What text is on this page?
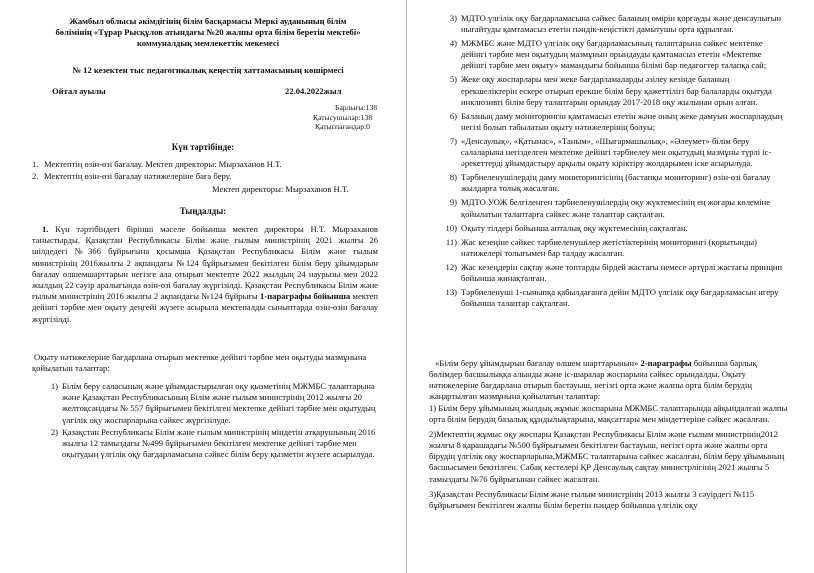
Жамбыл облысы әкімдігінің білім басқармасы Меркі ауданының білім
бөлімінің «Тұрар Рысқұлов атындағы №20 жалпы орта білім беретін мектебі»
коммуналдық мемлекеттік мекемесі
№ 12 кезектен тыс педагогикалық кеңестің хаттамасының көшірмесі
Ойтал ауылы	22.04.2022жыл
Барлығы:138
Қатысушылар:138
Қатыспағандар:0
Күн тәртібінде:
1. Мектептің өзін-өзі бағалау. Мектеп директоры: Мырзаханов Н.Т.
2. Мектептің өзін-өзі бағалау нәтижелеріне баға беру.
Мектеп директоры: Мырзаханов Н.Т.
Тыңдалды:

1. Күн тәртібіндегі бірінші мәселе бойынша мектеп директоры Н.Т. Мырзаханов таныстырды. Қазақстан Республикасы Білім және ғылым министрінің 2021 жылғы 26 шілдедегі №366 бұйрығына қосымша Қазақстан Республикасы Білім және ғылым министрінің 2016жылғы 2 ақпандағы №124 бұйрығымен бекітілген білім беру ұйымдарын бағалау өлшемшарттарын негізге ала отырып мектепте 2022 жылдың 24 наурызы мен 2022 жылдың 22 сәуір аралығында өзін-өзі бағалау жүргізілді. Қазақстан Республикасы Білім және ғылым министрінің 2016 жылғы 2 ақпандағы №124 бұйрығы 1-параграфы бойынша мектеп дейінгі тәрбие мен оқыту деңгейі жүзеге асырыла мектепалды сыныптарда өзін-өзін бағалау жүргізілді.

Оқыту нәтижелеріне бағдарлана отырып мектепке дейінгі тәрбие мен оқытуды мазмұнына қойылатын талаптар:

1) Білім беру саласының және ұйымдастырылған оқу қызметінің МЖМБС талаптарына және Қазақстан Республикасының Білім және ғылым министрінің 2012 жылғы 20 желтоқсандағы № 557 бұйрығымен бекітілген мектепке дейінгі тәрбие мен оқытудың үлгілік оқу жоспарларына сәйкес жүргізілуде.
2) Қазақстан Республикасы Білім және ғылым министрінің міндетін атқарушының 2016 жылғы 12 тамыздағы №499 бұйрығымен бекітілген мектепке дейінгі тәрбие мен оқытудың үлгілік оқу бағдарламасына сәйкес білім беру қызметін жүзеге асырылуда.
3) МДТО үлгілік оқу бағдарламасына сәйкес баланың өмірін қорғауды және денсаулығын нығайтуды қамтамасыз ететін пәндік-кеңістікті дамытушы орта құрылған.
4) МЖМБС және МДТО үлгілік оқу бағдарламасының талаптарына сәйкес мектепке дейінгі тәрбие мен оқытудың мазмұнын орындауды қамтамасыз ететін «Мектепке дейінгі тәрбие мен оқыту» мамандығы бойынша білімі бар педагогтер талапқа сай;
5) Жеке оқу жоспарлары мен жеке бағдарламаларды әзілеу кезінде баланың ерекшеліктерін ескере отырып ерекше білім беру қажеттілігі бар балаларды оқытуда инклюзивті білім беру талаптарын орындау 2017-2018 оқу жылынан орын алған.
6) Баланың даму мониторингін қамтамасыз ететін және оның жеке дамуын жоспарлаудың негізі болып табылатын оқыту нәтижелерінің болуы;
7) «Денсаулық», «Қатынас», «Таным», «Шығармашылық», «Әлеумет» білім беру салаларына негізделген мектепке дейінгі тәрбиелеу мен оқытудың мазмұны түрлі іс-әрекеттерді ұйымдастыру арқылы оқыту кіріктіру жолдарымен іске асырылуда.
8) Тәрбиеленушілердің даму мониторингісінің (бастапқы мониторинг) өзін-өзі бағалау жылдарға толық жасалған.
9) МДТО УОЖ белгіленген тәрбиеленушілердің оқу жүктемесінің ең жоғары көлеміне қойылатын талаптарға сәйкес және талаптар сақталған.
10) Оқыту тілдері бойынша апталық оқу жүктемесінің сақталған.
11) Жас кезеңіне сәйкес тәрбиеленушілер жетістіктерінің мониторингі (қорытынды) нәтижелері толығымен бар талдау жасалған.
12) Жас кезеңдерін сақтау және топтарды бірдей жастағы немесе әртүрлі жастағы принцип бойынша жинақталған.
13) Тәрбиеленуші 1-сыныпқа қабылдағанға дейін МДТО үлгілік оқу бағдарламасын игеру бойынша талаптар сақталған.

«Білім беру ұйымдырын бағалау өлшем шарттарынын» 2-параграфы бойынша барлық бөлімдер басшылыққа алынды және іс-шаралар жоспарына сәйкес орындалды. Оқыту нәтижелеріне бағдарлана отырып бастауыш, негізгі орта және жалпы орта білім берудің жаңартылған мазмұнына қойылатын талаптар:

1) Білім беру ұйымының жылдық жұмыс жоспарына МЖМБС талаптарында айқындалған жалпы орта білім берудің базалық құндылықтарына, мақсаттары мен міндеттеріне сәйкес жасалған.

2)Мектептің жұмыс оқу жоспары Қазақстан Республикасы Білім және ғылым министрінің2012 жылғы 8 қарашадағы №500 бұйрығымен бекітілген бастауыш, негізгі орта және жалпы орта бірудің үлгілік оқу жоспарларына,МЖМБС талаптарына сәйкес жасалған, білім беру ұйымының басшысымен бекітілген. Сабақ кестелері ҚР Денсаулық сақтау министрлігінің 2021 жылғы 5 тамыздағы №76 бұйрығынан сәйкес жасалған.

3)Қазақстан Республикасы Білім және ғылым министрінің 2013 жылғы 3 сәуірдегі №115 бұйрығымен бекітілген жалпы білім беретін пәндер бойынша үлгілік оқу
